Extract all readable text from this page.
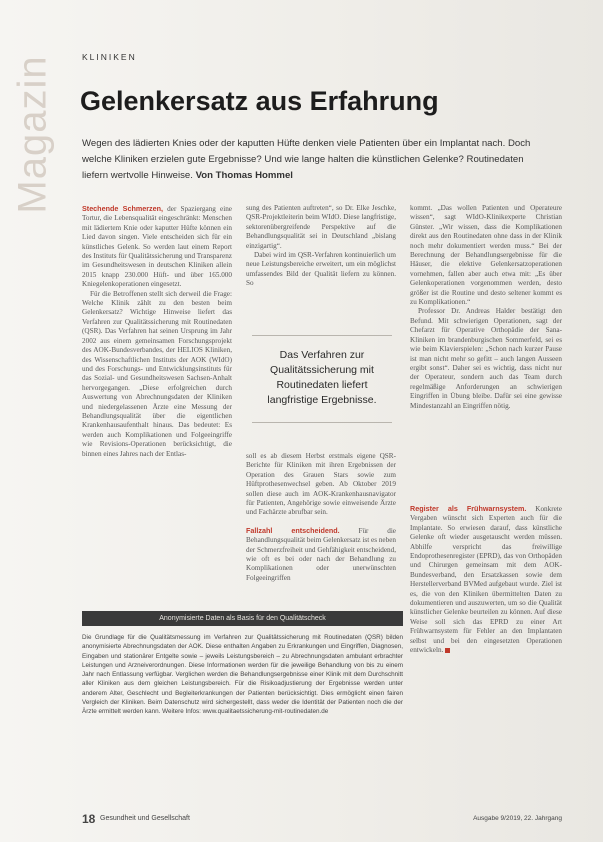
Magazin	KLINIKEN
Gelenkersatz aus Erfahrung
Wegen des lädierten Knies oder der kaputten Hüfte denken viele Patienten über ein Implantat nach. Doch welche Kliniken erzielen gute Ergebnisse? Und wie lange halten die künstlichen Gelenke? Routinedaten liefern wertvolle Hinweise. Von Thomas Hommel

Stechende Schmerzen, der Spaziergang eine Tortur, die Lebensqualität eingeschränkt: Menschen mit lädiertem Knie oder kaputter Hüfte können ein Lied davon singen. Viele entscheiden sich für ein künstliches Gelenk. So werden laut einem Report des Instituts für Qualitätssicherung und Transparenz im Gesundheitswesen in deutschen Kliniken allein 2015 knapp 230.000 Hüft- und über 165.000 Kniegelenkoperationen eingesetzt.

Für die Betroffenen stellt sich derweil die Frage: Welche Klinik zählt zu den besten beim Gelenkersatz? Wichtige Hinweise liefert das Verfahren zur Qualitätssicherung mit Routinedaten (QSR). Das Verfahren hat seinen Ursprung im Jahr 2002 aus einem gemeinsamen Forschungsprojekt des AOK-Bundesverbandes, der HELIOS Kliniken, des Wissenschaftlichen Instituts der AOK (WIdO) und des Forschungs- und Entwicklungsinstituts für das Sozial- und Gesundheitswesen Sachsen-Anhalt hervorgegangen. „Diese erfolgreichen durch Auswertung von Abrechnungsdaten der Kliniken und niedergelassenen Ärzte eine Messung der Behandlungsqualität über die eigentlichen Krankenhausaufenthalt hinaus. Das bedeutet: Es werden auch Komplikationen und Folgeeingriffe wie Revisions-Operationen berücksichtigt, die binnen eines Jahres nach der Entlas-

sung des Patienten auftreten“, so Dr. Elke Jeschke, QSR-Projektleiterin beim WIdO. Diese langfristige, sektorenübergreifende Perspektive auf die Behandlungsqualität sei in Deutschland „bislang einzigartig“.

Dabei wird im QSR-Verfahren kontinuierlich um neue Leistungsbereiche erweitert, um ein möglichst umfassendes Bild der Qualität liefern zu können. So

Das Verfahren zur Qualitätssicherung mit Routinedaten liefert langfristige Ergebnisse.

soll es ab diesem Herbst erstmals eigene QSR-Berichte für Kliniken mit ihren Ergebnissen der Operation des Grauen Stars sowie zum Hüftprothesenwechsel geben. Ab Oktober 2019 sollen diese auch im AOK-Krankenhausnavigator für Patienten, Angehörige sowie einweisende Ärzte und Fachärzte abrufbar sein.

Fallzahl entscheidend. Für die Behandlungsqualität beim Gelenkersatz ist es neben der Schmerzfreiheit und Gehfähigkeit entscheidend, wie oft es bei oder nach der Behandlung zu Komplikationen oder unerwünschten Folgeeingriffen

kommt. „Das wollen Patienten und Operateure wissen“, sagt WIdO-Klinikexperte Christian Günster. „Wir wissen, dass die Komplikationen direkt aus den Routinedaten ohne dass in der Klinik noch mehr dokumentiert werden muss.“ Bei der Berechnung der Behandlungsergebnisse für die Häuser, die elektive Gelenkersatzoperationen vornehmen, fallen aber auch etwa mit: „Es über Gelenkoperationen vorgenommen werden, desto größer ist die Routine und desto seltener kommt es zu Komplikationen.“

Professor Dr. Andreas Halder bestätigt den Befund. Mit schwierigen Operationen, sagt der Chefarzt für Operative Orthopädie der Sana-Kliniken im brandenburgischen Sommerfeld, sei es wie beim Klavierspielen: „Schon nach kurzer Pause ist man nicht mehr so gefitt – auch langen Ausseen ergibt sonst“. Daher sei es wichtig, dass nicht nur der Operateur, sondern auch das Team durch regelmäßige Anforderungen an schwierigen Eingriffen in Übung bleibe. Dafür sei eine gewisse Mindestanzahl an Eingriffen nötig.

Register als Frühwarnsystem. Konkrete Vergaben wünscht sich Experten auch für die Implantate. So erwiesen darauf, dass künstliche Gelenke oft wieder ausgetauscht werden müssen. Abhilfe verspricht das freiwillige Endoprothesenregister (EPRD), das von Orthopäden und Chirurgen gemeinsam mit dem AOK-Bundesverband, den Ersatzkassen sowie dem Herstellerverband BVMed aufgebaut wurde. Ziel ist es, die von den Kliniken übermittelten Daten zu dokumentieren und auszuwerten, um so die Qualität künstlicher Gelenke beurteilen zu können. Auf diese Weise soll sich das EPRD zu einer Art Frühwarnsystem für Fehler an den Implantaten selbst und bei den eingesetzten Operationen entwickeln.

Anonymisierte Daten als Basis für den Qualitätscheck
Die Grundlage für die Qualitätsmessung im Verfahren zur Qualitätssicherung mit Routinedaten (QSR) bilden anonymisierte Abrechnungsdaten der AOK. Diese enthalten Angaben zu Erkrankungen und Eingriffen, Diagnosen, Eingaben und stationärer Entgelte sowie – jeweils Leistungsbereich – zu Abrechnungsdaten ambulant erbrachter Leistungen und Arzneiverordnungen. Diese Informationen werden für die jeweilige Behandlung von bis zu einem Jahr nach Entlassung verfügbar. Verglichen werden die Behandlungsergebnisse einer Klinik mit dem Durchschnitt aller Kliniken aus dem gleichen Leistungsbereich. Für die Risikoadjustierung der Ergebnisse werden unter anderem Alter, Geschlecht und Begleiterkrankungen der Patienten berücksichtigt. Dies ermöglicht einen fairen Vergleich der Kliniken. Beim Datenschutz wird sichergestellt, dass weder die Identität der Patienten noch die der Ärzte ermittelt werden kann. Weitere Infos: www.qualitaetssicherung-mit-routinedaten.de
18 Gesundheit und Gesellschaft	Ausgabe 9/2019, 22. Jahrgang
